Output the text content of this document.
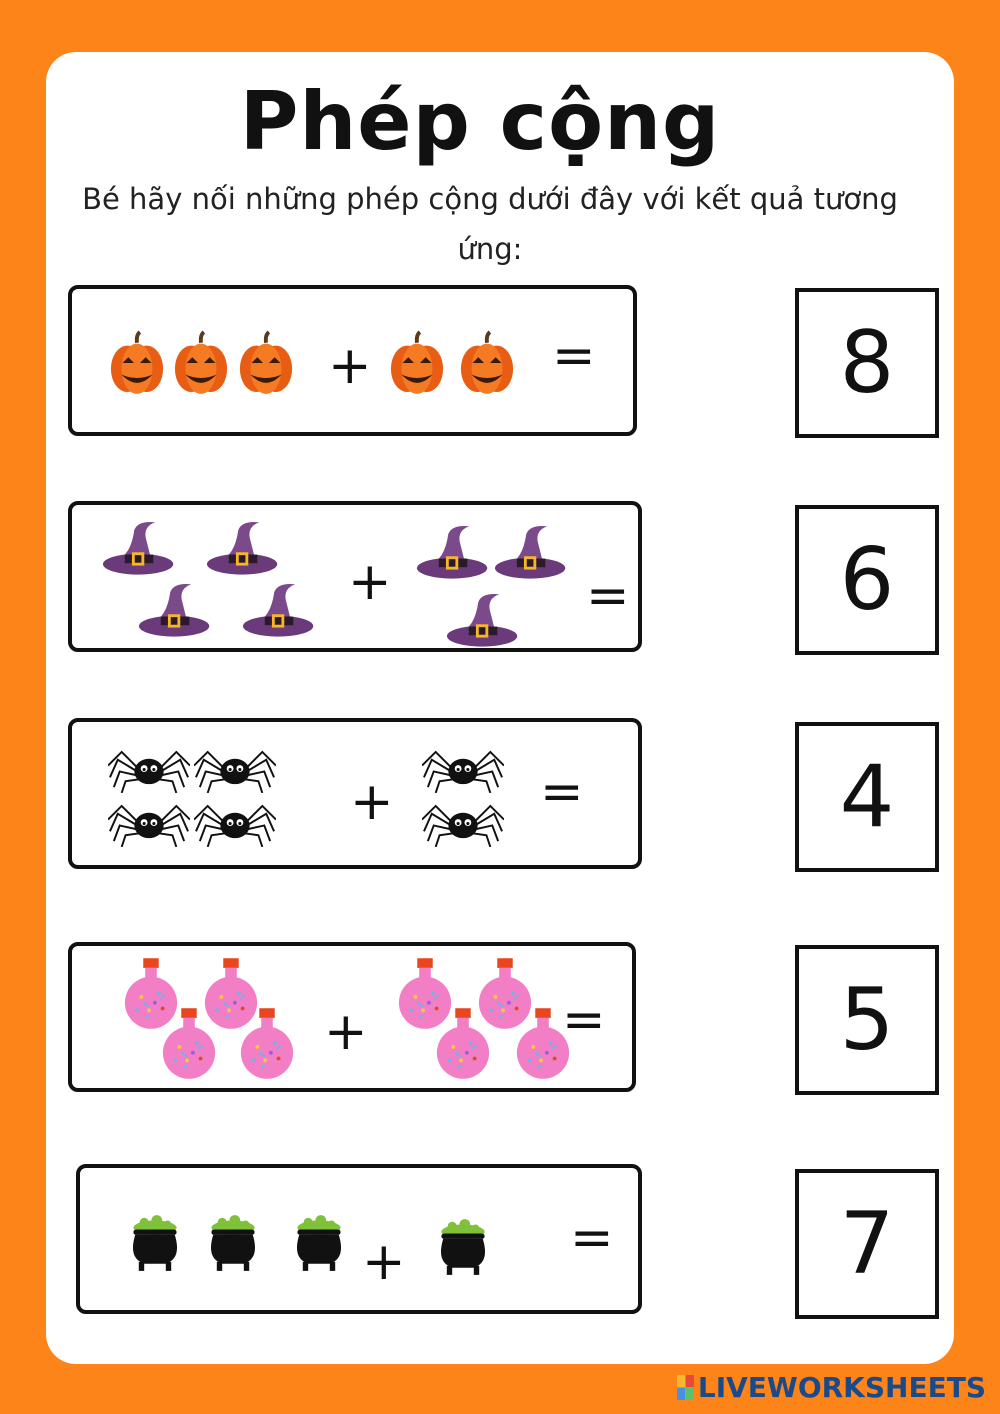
Phép cộng
Bé hãy nối những phép cộng dưới đây với kết quả tương ứng:
+	=
+	=
+	=
+	=
+	=
8
6
4
5
7
LIVEWORKSHEETS
